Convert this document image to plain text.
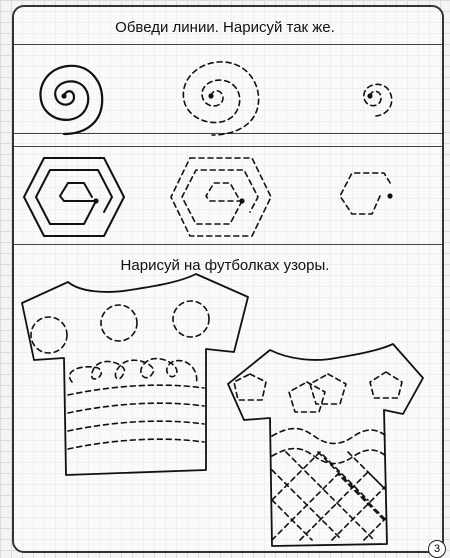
Обведи линии. Нарисуй так же.
Нарисуй на футболках узоры.
3
